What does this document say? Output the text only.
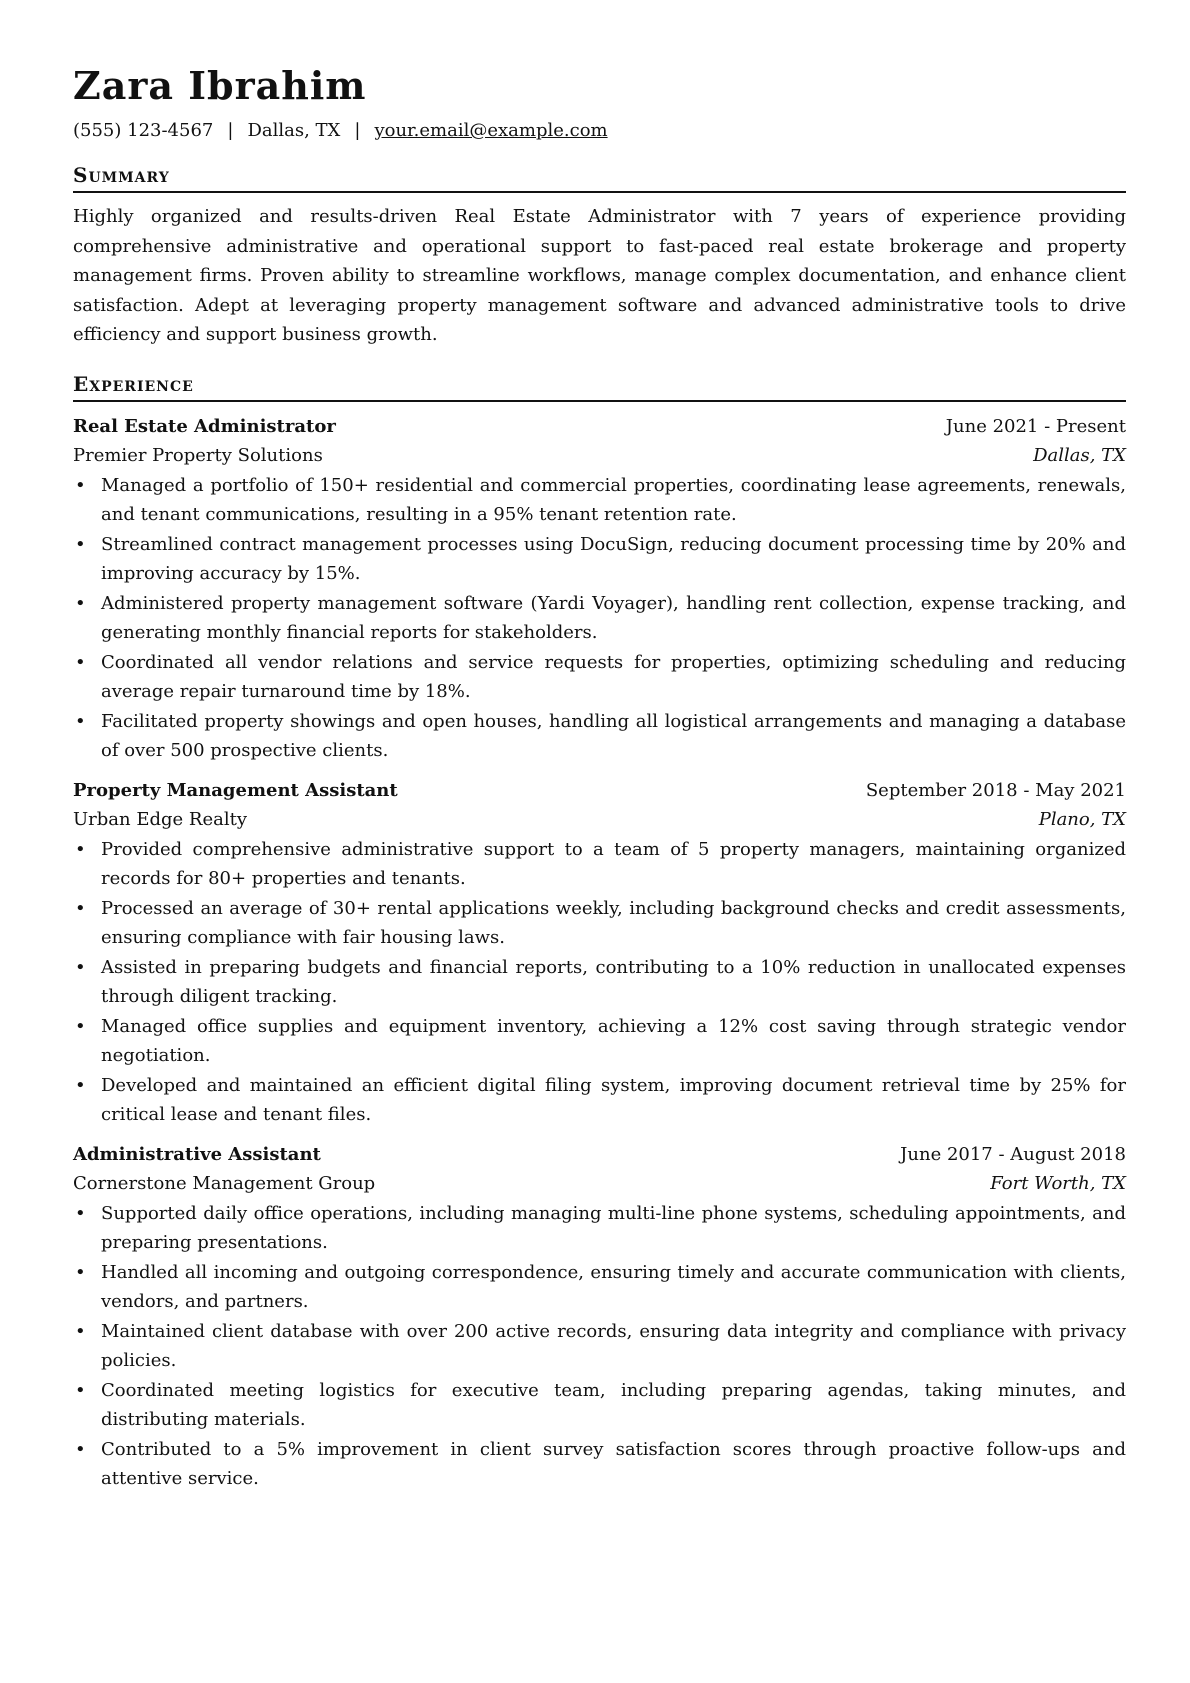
Zara Ibrahim
(555) 123-4567 | Dallas, TX | your.email@example.com
Summary

Highly organized and results-driven Real Estate Administrator with 7 years of experience providing comprehensive administrative and operational support to fast-paced real estate brokerage and property management firms. Proven ability to streamline workflows, manage complex documentation, and enhance client satisfaction. Adept at leveraging property management software and advanced administrative tools to drive efficiency and support business growth.

Experience
Real Estate Administrator	June 2021 - Present
Premier Property Solutions	Dallas, TX
• Managed a portfolio of 150+ residential and commercial properties, coordinating lease agreements, renewals, and tenant communications, resulting in a 95% tenant retention rate.
• Streamlined contract management processes using DocuSign, reducing document processing time by 20% and improving accuracy by 15%.
• Administered property management software (Yardi Voyager), handling rent collection, expense tracking, and generating monthly financial reports for stakeholders.
• Coordinated all vendor relations and service requests for properties, optimizing scheduling and reducing average repair turnaround time by 18%.
• Facilitated property showings and open houses, handling all logistical arrangements and managing a database of over 500 prospective clients.
Property Management Assistant	September 2018 - May 2021
Urban Edge Realty	Plano, TX
• Provided comprehensive administrative support to a team of 5 property managers, maintaining organized records for 80+ properties and tenants.
• Processed an average of 30+ rental applications weekly, including background checks and credit assessments, ensuring compliance with fair housing laws.
• Assisted in preparing budgets and financial reports, contributing to a 10% reduction in unallocated expenses through diligent tracking.
• Managed office supplies and equipment inventory, achieving a 12% cost saving through strategic vendor negotiation.
• Developed and maintained an efficient digital filing system, improving document retrieval time by 25% for critical lease and tenant files.
Administrative Assistant	June 2017 - August 2018
Cornerstone Management Group	Fort Worth, TX
• Supported daily office operations, including managing multi-line phone systems, scheduling appointments, and preparing presentations.
• Handled all incoming and outgoing correspondence, ensuring timely and accurate communication with clients, vendors, and partners.
• Maintained client database with over 200 active records, ensuring data integrity and compliance with privacy policies.
• Coordinated meeting logistics for executive team, including preparing agendas, taking minutes, and distributing materials.
• Contributed to a 5% improvement in client survey satisfaction scores through proactive follow-ups and attentive service.
